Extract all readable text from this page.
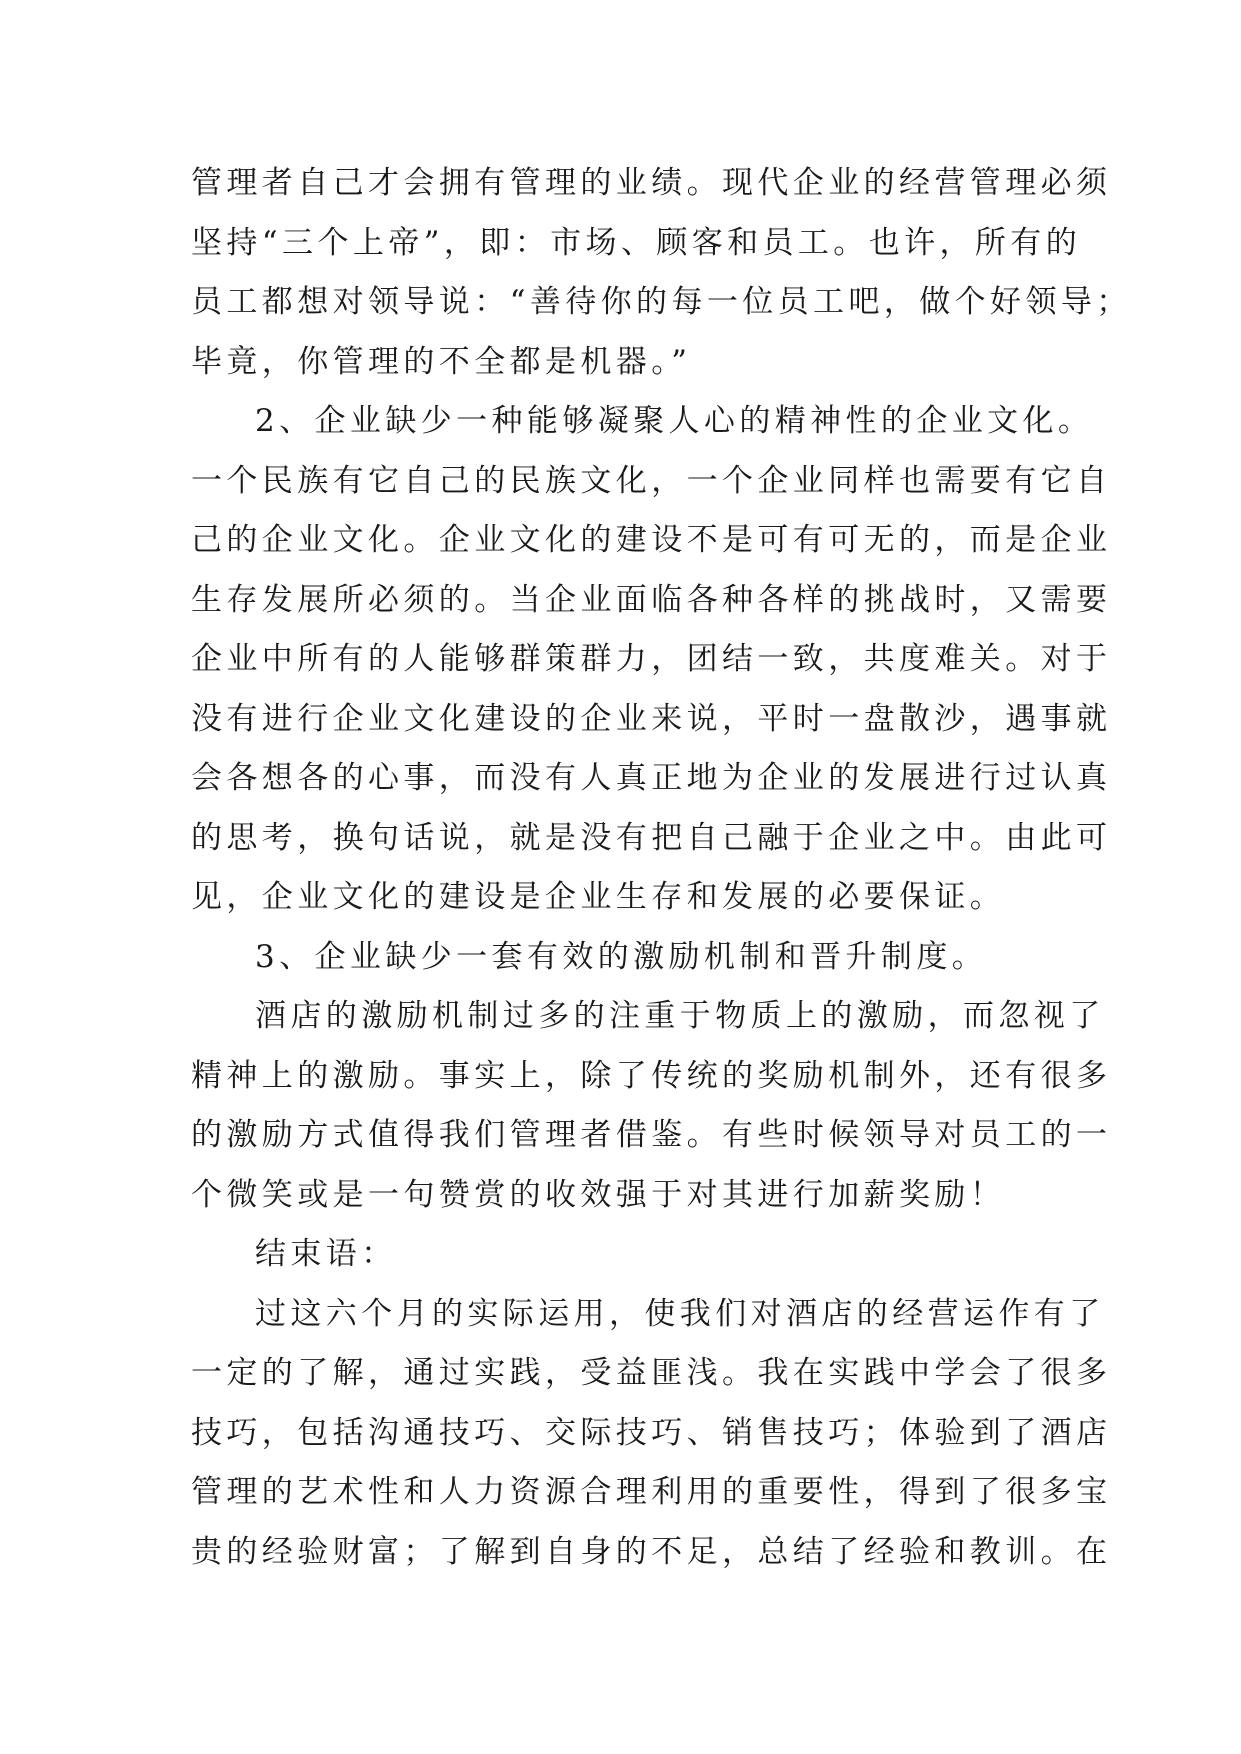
管理者自己才会拥有管理的业绩。现代企业的经营管理必须

坚持“三个上帝”，即：市场、顾客和员工。也许，所有的

员工都想对领导说：“善待你的每一位员工吧，做个好领导；

毕竟，你管理的不全都是机器。”

2、企业缺少一种能够凝聚人心的精神性的企业文化。

一个民族有它自己的民族文化，一个企业同样也需要有它自

己的企业文化。企业文化的建设不是可有可无的，而是企业

生存发展所必须的。当企业面临各种各样的挑战时，又需要

企业中所有的人能够群策群力，团结一致，共度难关。对于

没有进行企业文化建设的企业来说，平时一盘散沙，遇事就

会各想各的心事，而没有人真正地为企业的发展进行过认真

的思考，换句话说，就是没有把自己融于企业之中。由此可

见，企业文化的建设是企业生存和发展的必要保证。

3、企业缺少一套有效的激励机制和晋升制度。

酒店的激励机制过多的注重于物质上的激励，而忽视了

精神上的激励。事实上，除了传统的奖励机制外，还有很多

的激励方式值得我们管理者借鉴。有些时候领导对员工的一

个微笑或是一句赞赏的收效强于对其进行加薪奖励！

结束语：

过这六个月的实际运用，使我们对酒店的经营运作有了

一定的了解，通过实践，受益匪浅。我在实践中学会了很多

技巧，包括沟通技巧、交际技巧、销售技巧；体验到了酒店

管理的艺术性和人力资源合理利用的重要性，得到了很多宝

贵的经验财富；了解到自身的不足，总结了经验和教训。在
